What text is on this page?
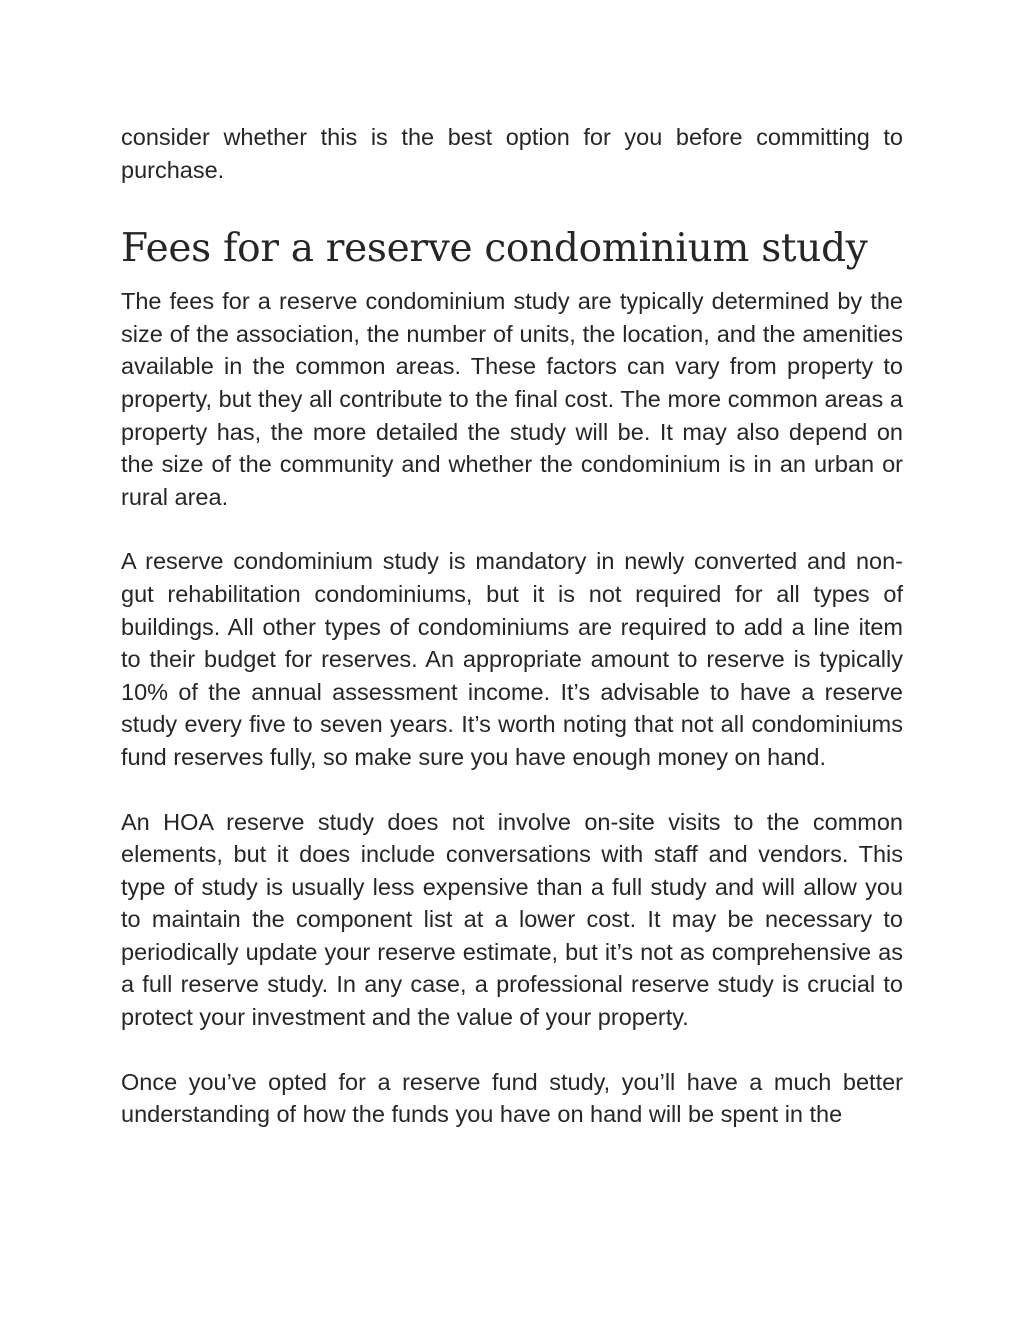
consider whether this is the best option for you before committing to purchase.

Fees for a reserve condominium study

The fees for a reserve condominium study are typically determined by the size of the association, the number of units, the location, and the amenities available in the common areas. These factors can vary from property to property, but they all contribute to the final cost. The more common areas a property has, the more detailed the study will be. It may also depend on the size of the community and whether the condominium is in an urban or rural area.

A reserve condominium study is mandatory in newly converted and non-gut rehabilitation condominiums, but it is not required for all types of buildings. All other types of condominiums are required to add a line item to their budget for reserves. An appropriate amount to reserve is typically 10% of the annual assessment income. It’s advisable to have a reserve study every five to seven years. It’s worth noting that not all condominiums fund reserves fully, so make sure you have enough money on hand.

An HOA reserve study does not involve on-site visits to the common elements, but it does include conversations with staff and vendors. This type of study is usually less expensive than a full study and will allow you to maintain the component list at a lower cost. It may be necessary to periodically update your reserve estimate, but it’s not as comprehensive as a full reserve study. In any case, a professional reserve study is crucial to protect your investment and the value of your property.

Once you’ve opted for a reserve fund study, you’ll have a much better understanding of how the funds you have on hand will be spent in the
